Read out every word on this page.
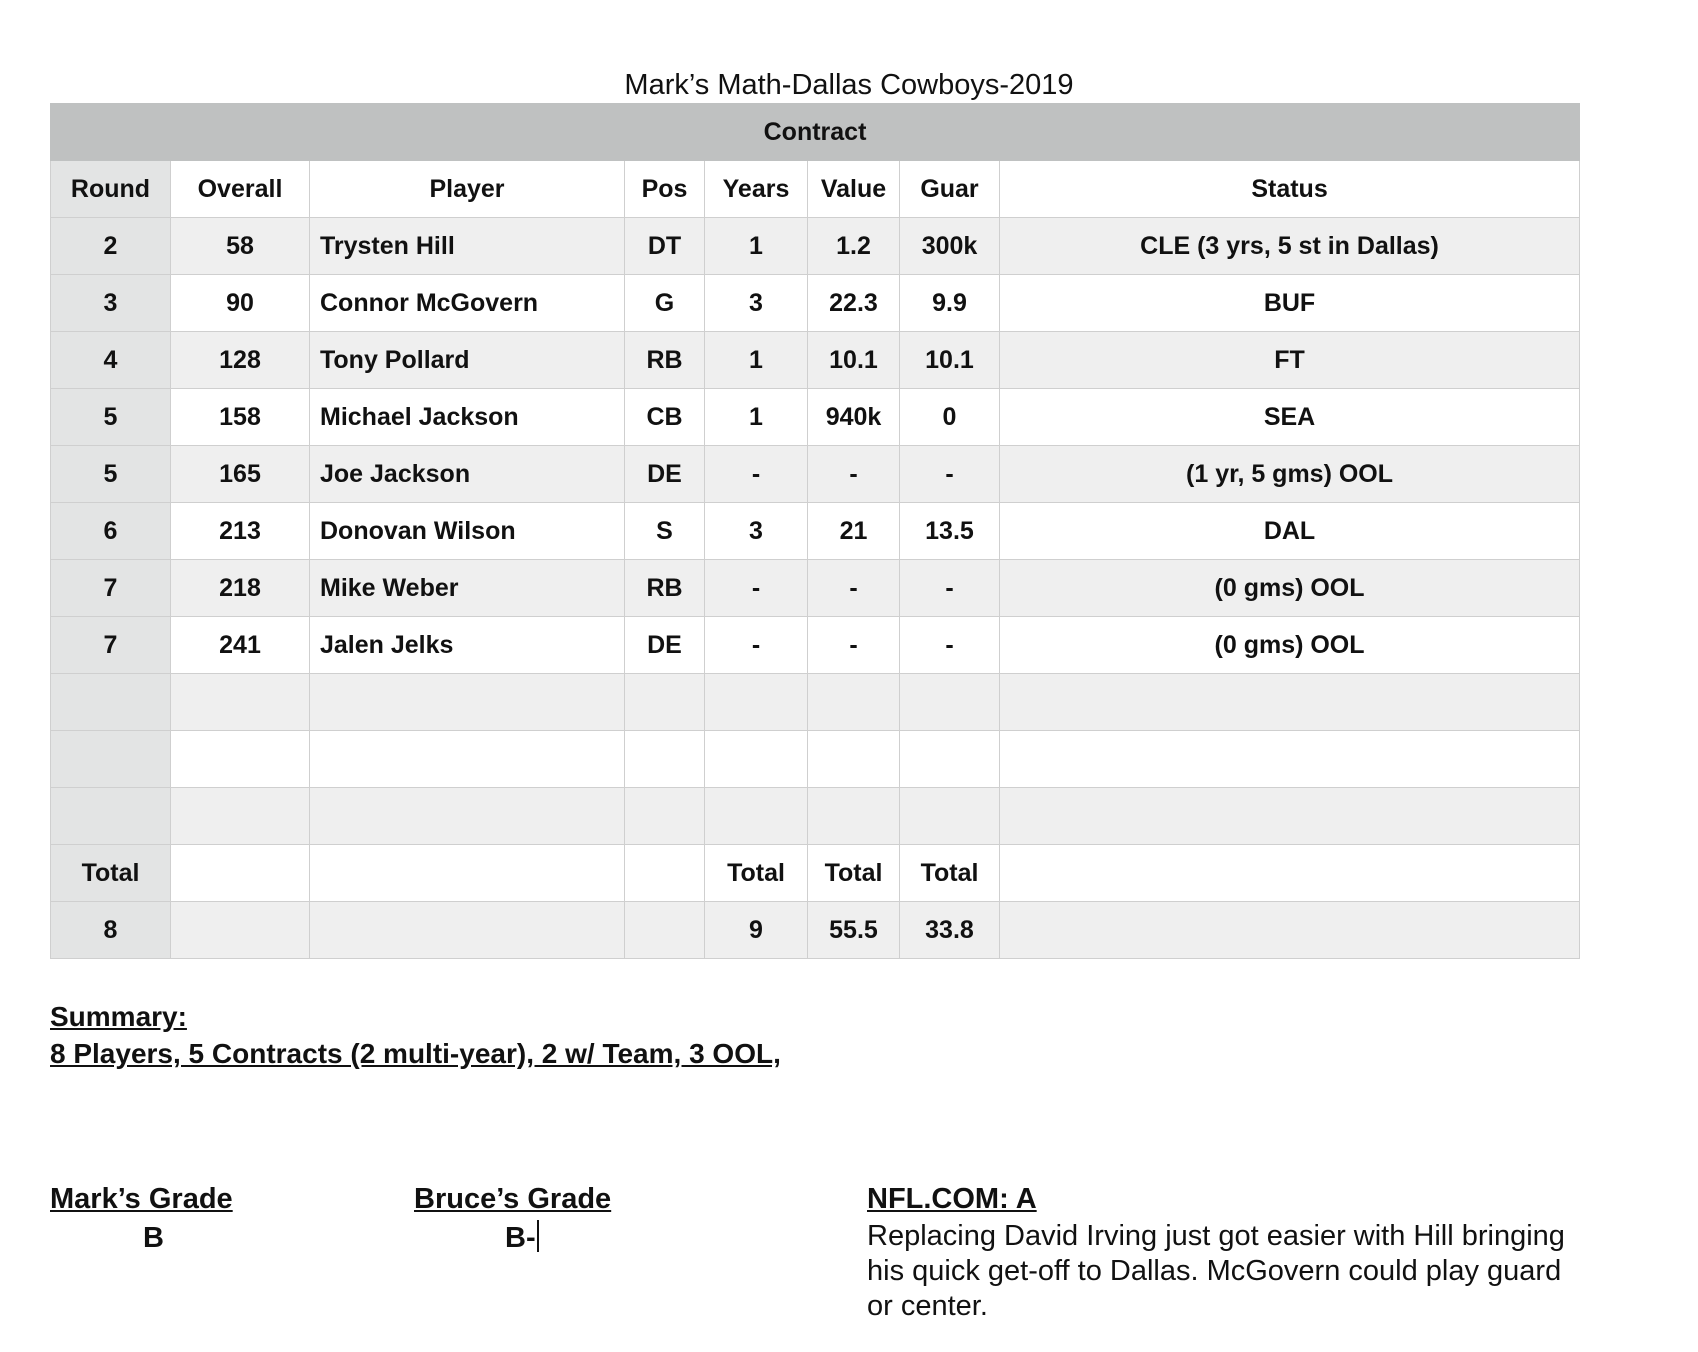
Mark’s Math-Dallas Cowboys-2019
Contract							
Round	Overall	Player	Pos	Years	Value	Guar	Status
2	58	Trysten Hill	DT	1	1.2	300k	CLE (3 yrs, 5 st in Dallas)
3	90	Connor McGovern	G	3	22.3	9.9	BUF
4	128	Tony Pollard	RB	1	10.1	10.1	FT
5	158	Michael Jackson	CB	1	940k	0	SEA
5	165	Joe Jackson	DE	-	-	-	(1 yr, 5 gms) OOL
6	213	Donovan Wilson	S	3	21	13.5	DAL
7	218	Mike Weber	RB	-	-	-	(0 gms) OOL
7	241	Jalen Jelks	DE	-	-	-	(0 gms) OOL

Total				Total	Total	Total	
8				9	55.5	33.8	
Summary:
8 Players, 5 Contracts (2 multi-year), 2 w/ Team, 3 OOL,
Mark’s Grade
B
Bruce’s Grade
B-
NFL.COM: A
Replacing David Irving just got easier with Hill bringing his quick get-off to Dallas. McGovern could play guard or center.
